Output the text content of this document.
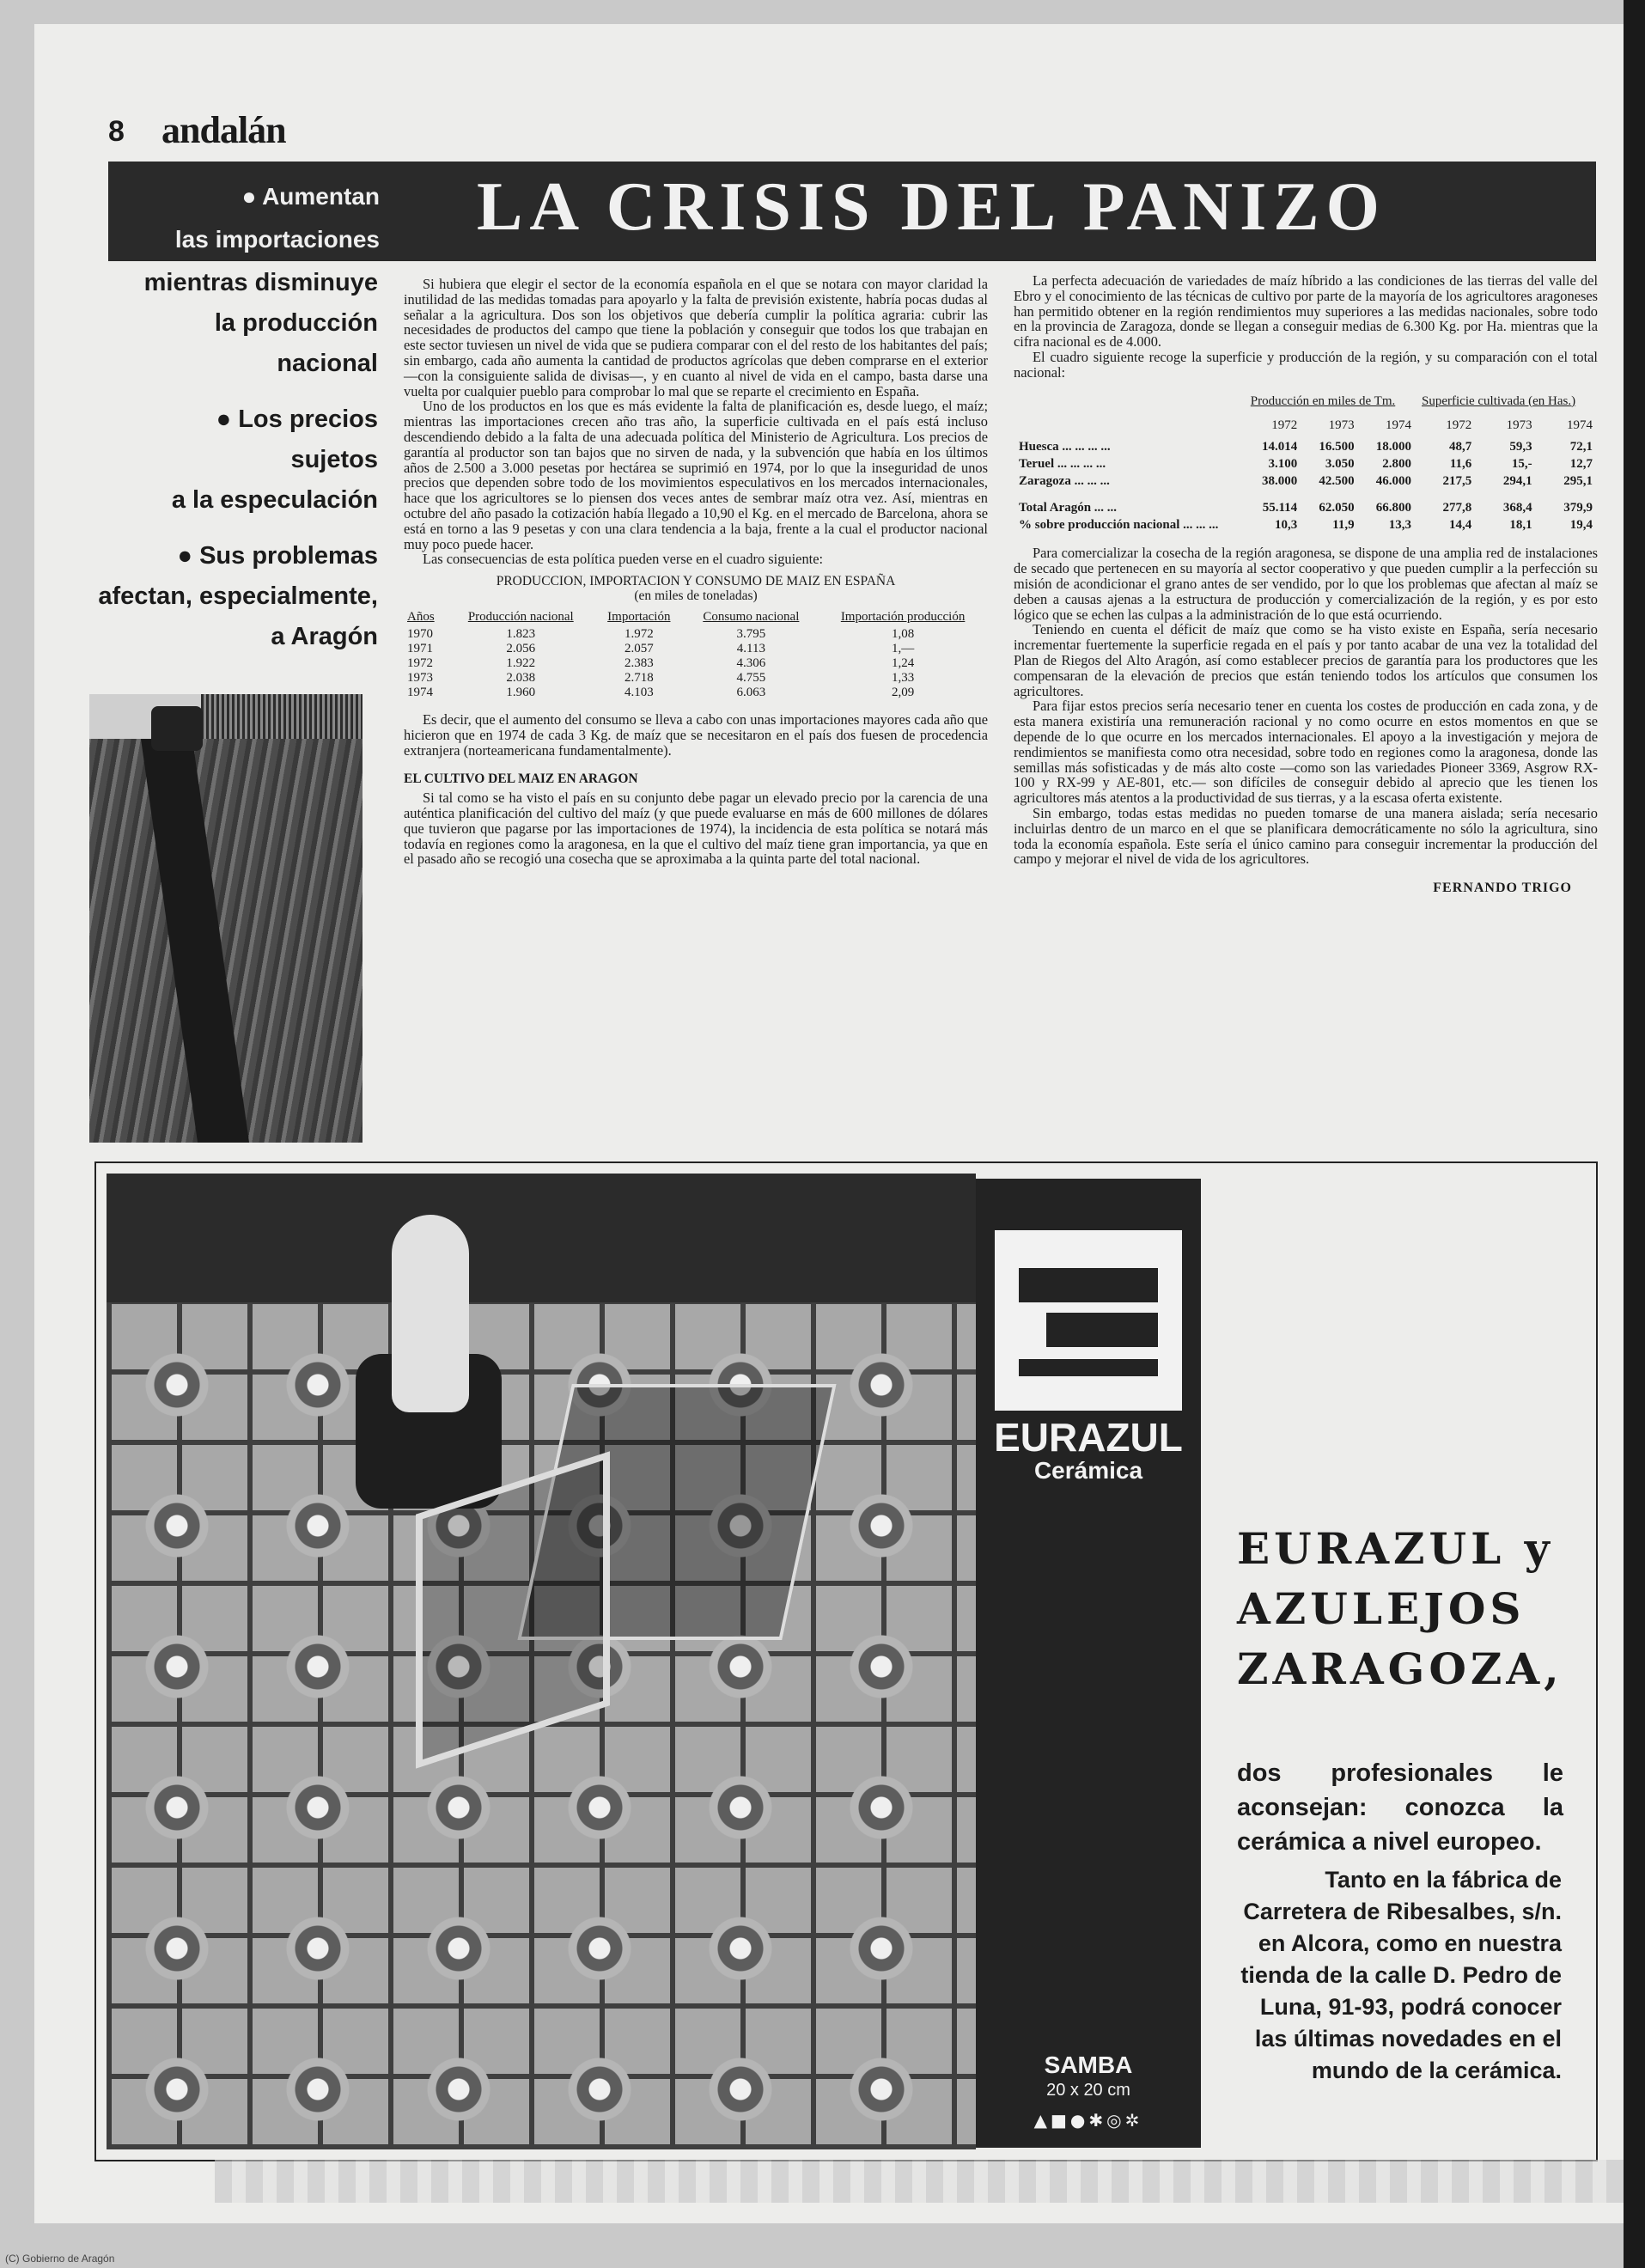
8 andalán
● Aumentan
las importaciones LA CRISIS DEL PANIZO
mientras disminuye
la producción
nacional
● Los precios
sujetos
a la especulación
● Sus problemas
afectan, especialmente,
a Aragón

Si hubiera que elegir el sector de la economía española en el que se notara con mayor claridad la inutilidad de las medidas tomadas para apoyarlo y la falta de previsión existente, habría pocas dudas al señalar a la agricultura. Dos son los objetivos que debería cumplir la política agraria: cubrir las necesidades de productos del campo que tiene la población y conseguir que todos los que trabajan en este sector tuviesen un nivel de vida que se pudiera comparar con el del resto de los habitantes del país; sin embargo, cada año aumenta la cantidad de productos agrícolas que deben comprarse en el exterior —con la consiguiente salida de divisas—, y en cuanto al nivel de vida en el campo, basta darse una vuelta por cualquier pueblo para comprobar lo mal que se reparte el crecimiento en España.

Uno de los productos en los que es más evidente la falta de planificación es, desde luego, el maíz; mientras las importaciones crecen año tras año, la superficie cultivada en el país está incluso descendiendo debido a la falta de una adecuada política del Ministerio de Agricultura. Los precios de garantía al productor son tan bajos que no sirven de nada, y la subvención que había en los últimos años de 2.500 a 3.000 pesetas por hectárea se suprimió en 1974, por lo que la inseguridad de unos precios que dependen sobre todo de los movimientos especulativos en los mercados internacionales, hace que los agricultores se lo piensen dos veces antes de sembrar maíz otra vez. Así, mientras en octubre del año pasado la cotización había llegado a 10,90 el Kg. en el mercado de Barcelona, ahora se está en torno a las 9 pesetas y con una clara tendencia a la baja, frente a la cual el productor nacional muy poco puede hacer.

Las consecuencias de esta política pueden verse en el cuadro siguiente:

PRODUCCION, IMPORTACION Y CONSUMO DE MAIZ EN ESPAÑA
(en miles de toneladas)
Años	Producción nacional	Importación	Consumo nacional	Importación producción
1970	1.823	1.972	3.795	1,08
1971	2.056	2.057	4.113	1,—
1972	1.922	2.383	4.306	1,24
1973	2.038	2.718	4.755	1,33
1974	1.960	4.103	6.063	2,09

Es decir, que el aumento del consumo se lleva a cabo con unas importaciones mayores cada año que hicieron que en 1974 de cada 3 Kg. de maíz que se necesitaron en el país dos fuesen de procedencia extranjera (norteamericana fundamentalmente).

EL CULTIVO DEL MAIZ EN ARAGON

Si tal como se ha visto el país en su conjunto debe pagar un elevado precio por la carencia de una auténtica planificación del cultivo del maíz (y que puede evaluarse en más de 600 millones de dólares que tuvieron que pagarse por las importaciones de 1974), la incidencia de esta política se notará más todavía en regiones como la aragonesa, en la que el cultivo del maíz tiene gran importancia, ya que en el pasado año se recogió una cosecha que se aproximaba a la quinta parte del total nacional.

La perfecta adecuación de variedades de maíz híbrido a las condiciones de las tierras del valle del Ebro y el conocimiento de las técnicas de cultivo por parte de la mayoría de los agricultores aragoneses han permitido obtener en la región rendimientos muy superiores a las medidas nacionales, sobre todo en la provincia de Zaragoza, donde se llegan a conseguir medias de 6.300 Kg. por Ha. mientras que la cifra nacional es de 4.000.

El cuadro siguiente recoge la superficie y producción de la región, y su comparación con el total nacional:

	Producción en miles de Tm.			Superficie cultivada (en Has.)		
	1972	1973	1974	1972	1973	1974
Huesca ... ... ... ...	14.014	16.500	18.000	48,7	59,3	72,1
Teruel ... ... ... ...	3.100	3.050	2.800	11,6	15,-	12,7
Zaragoza ... ... ...	38.000	42.500	46.000	217,5	294,1	295,1
Total Aragón ... ...	55.114	62.050	66.800	277,8	368,4	379,9
% sobre producción nacional ... ... ...	10,3	11,9	13,3	14,4	18,1	19,4

Para comercializar la cosecha de la región aragonesa, se dispone de una amplia red de instalaciones de secado que pertenecen en su mayoría al sector cooperativo y que pueden cumplir a la perfección su misión de acondicionar el grano antes de ser vendido, por lo que los problemas que afectan al maíz se deben a causas ajenas a la estructura de producción y comercialización de la región, y es por esto lógico que se echen las culpas a la administración de lo que está ocurriendo.

Teniendo en cuenta el déficit de maíz que como se ha visto existe en España, sería necesario incrementar fuertemente la superficie regada en el país y por tanto acabar de una vez la totalidad del Plan de Riegos del Alto Aragón, así como establecer precios de garantía para los productores que les compensaran de la elevación de precios que están teniendo todos los artículos que consumen los agricultores.

Para fijar estos precios sería necesario tener en cuenta los costes de producción en cada zona, y de esta manera existiría una remuneración racional y no como ocurre en estos momentos en que se depende de lo que ocurre en los mercados internacionales. El apoyo a la investigación y mejora de rendimientos se manifiesta como otra necesidad, sobre todo en regiones como la aragonesa, donde las semillas más sofisticadas y de más alto coste —como son las variedades Pioneer 3369, Asgrow RX-100 y RX-99 y AE-801, etc.— son difíciles de conseguir debido al aprecio que les tienen los agricultores más atentos a la productividad de sus tierras, y a la escasa oferta existente.

Sin embargo, todas estas medidas no pueden tomarse de una manera aislada; sería necesario incluirlas dentro de un marco en el que se planificara democráticamente no sólo la agricultura, sino toda la economía española. Este sería el único camino para conseguir incrementar la producción del campo y mejorar el nivel de vida de los agricultores.

FERNANDO TRIGO
EURAZUL
Cerámica
SAMBA
20 x 20 cm
▲■●✱◎✲
EURAZUL y
AZULEJOS
ZARAGOZA,
dos profesionales le aconsejan: conozca la cerámica a nivel europeo.
Tanto en la fábrica de Carretera de Ribesalbes, s/n. en Alcora, como en nuestra tienda de la calle D. Pedro de Luna, 91-93, podrá conocer las últimas novedades en el mundo de la cerámica.
(C) Gobierno de Aragón
